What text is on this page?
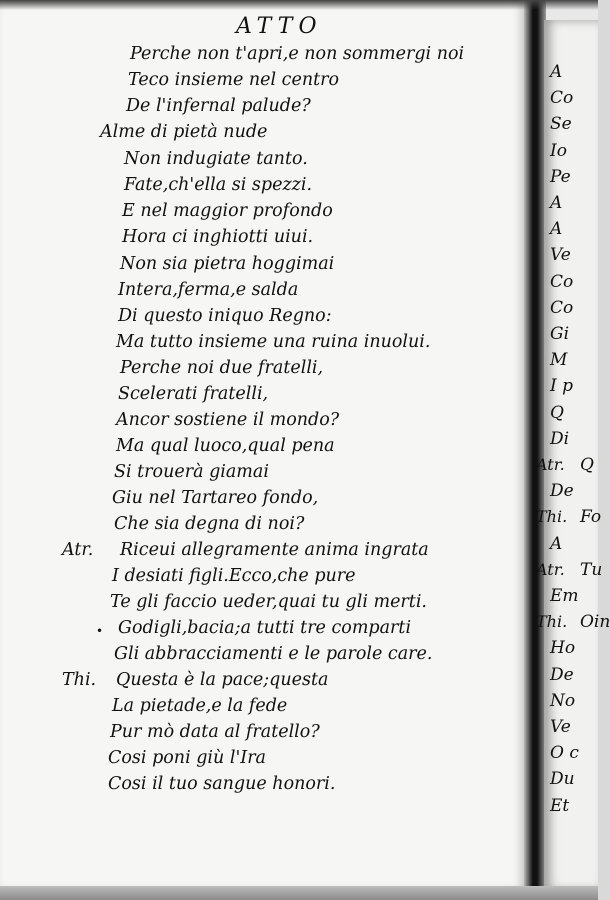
ATTO
Perche non t'apri,e non sommergi noi
Teco insieme nel centro
De l'infernal palude?
Alme di pietà nude
Non indugiate tanto.
Fate,ch'ella si spezzi.
E nel maggior profondo
Hora ci inghiotti uiui.
Non sia pietra hoggimai
Intera,ferma,e salda
Di questo iniquo Regno:
Ma tutto insieme una ruina inuolui.
Perche noi due fratelli,
Scelerati fratelli,
Ancor sostiene il mondo?
Ma qual luoco,qual pena
Si trouerà giamai
Giu nel Tartareo fondo,
Che sia degna di noi?
Riceui allegramente anima ingrata
Atr.
I desiati figli.Ecco,che pure
Te gli faccio ueder,quai tu gli merti.
Godigli,bacia;a tutti tre comparti
Gli abbracciamenti e le parole care.
Questa è la pace;questa
Thi.
La pietade,e la fede
Pur mò data al fratello?
Cosi poni giù l'Ira
Cosi il tuo sangue honori.
•
A
Co
Se
Io
Pe
A
A
Ve
Co
Co
Gi
M
I p
Q
Di
Q
Atr.
De
Fo
Thi.
A
Tu
Atr.
Em
Oin
Thi.
Ho
De
No
Ve
O c
Du
Et
